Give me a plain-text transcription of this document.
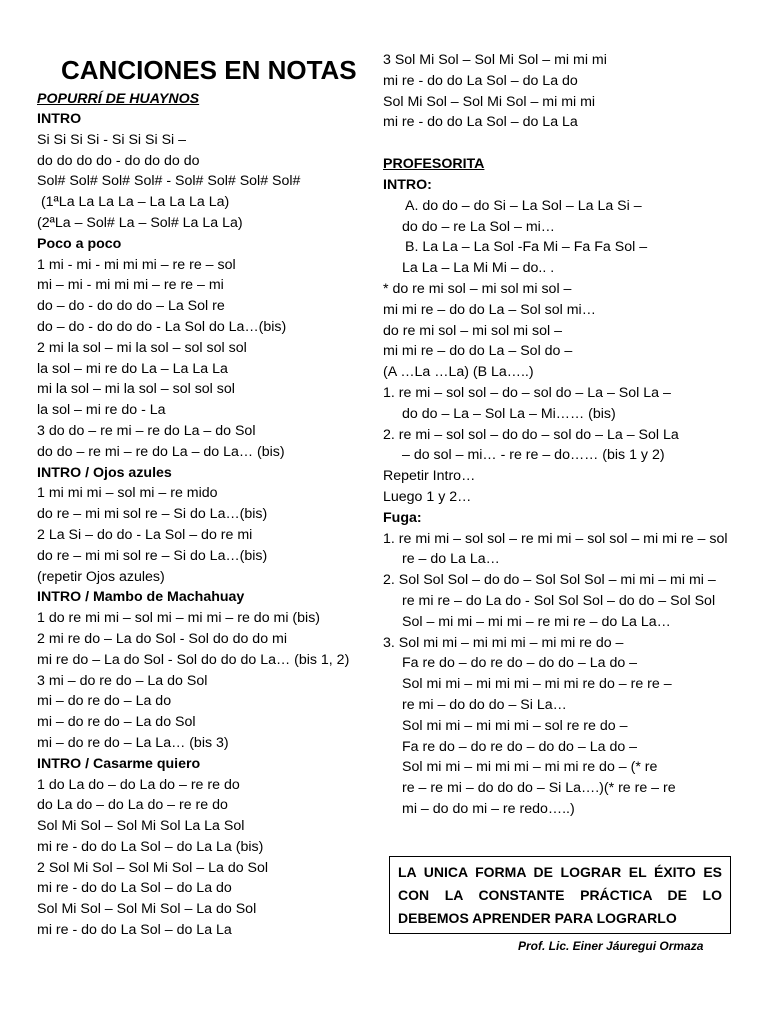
CANCIONES EN NOTAS
POPURRÍ DE HUAYNOS
INTRO
Si Si Si Si - Si Si Si Si –
do do do do - do do do do
Sol# Sol# Sol# Sol# - Sol# Sol# Sol# Sol#
(1ªLa La La La – La La La La)
(2ªLa – Sol# La – Sol# La La La)
Poco a poco
1 mi - mi - mi mi mi – re re – sol
mi – mi - mi mi mi – re re – mi
do – do - do do do – La Sol re
do – do - do do do - La Sol do La…(bis)
2 mi la sol – mi la sol – sol sol sol
la sol – mi re do La – La La La
mi la sol – mi la sol – sol sol sol
la sol – mi re do - La
3 do do – re mi – re do La – do Sol
do do – re mi – re do La – do La… (bis)
INTRO / Ojos azules
1 mi mi mi – sol mi – re mido
do re – mi mi sol re – Si do La…(bis)
2 La Si – do do - La Sol – do re mi
do re – mi mi sol re – Si do La…(bis)
(repetir Ojos azules)
INTRO / Mambo de Machahuay
1 do re mi mi – sol mi – mi mi – re do mi (bis)
2 mi re do – La do Sol - Sol do do do mi
mi re do – La do Sol - Sol do do do La… (bis 1, 2)
3 mi – do re do – La do Sol
mi – do re do – La do
mi – do re do – La do Sol
mi – do re do – La La… (bis 3)
INTRO / Casarme quiero
1 do La do – do La do – re re do
do La do – do La do – re re do
Sol Mi Sol – Sol Mi Sol La La Sol
mi re - do do La Sol – do La La (bis)
2 Sol Mi Sol – Sol Mi Sol – La do Sol
mi re - do do La Sol – do La do
Sol Mi Sol – Sol Mi Sol – La do Sol
mi re - do do La Sol – do La La
3 Sol Mi Sol – Sol Mi Sol – mi mi mi
mi re - do do La Sol – do La do
Sol Mi Sol – Sol Mi Sol – mi mi mi
mi re - do do La Sol – do La La
PROFESORITA
INTRO:
A. do do – do Si – La Sol – La La Si –
do do – re La Sol – mi…
B. La La – La Sol -Fa Mi – Fa Fa Sol –
La La – La Mi Mi – do.. .
* do re mi sol – mi sol mi sol –
mi mi re – do do La – Sol sol mi…
do re mi sol – mi sol mi sol –
mi mi re – do do La – Sol do –
(A …La …La) (B La…..)
1. re mi – sol sol – do – sol do – La – Sol La –
do do – La – Sol La – Mi…… (bis)
2. re mi – sol sol – do do – sol do – La – Sol La
– do sol – mi… - re re – do…… (bis 1 y 2)
Repetir Intro…
Luego 1 y 2…
Fuga:
1. re mi mi – sol sol – re mi mi – sol sol – mi mi re – sol re – do La La…
2. Sol Sol Sol – do do – Sol Sol Sol – mi mi – mi mi – re mi re – do La do - Sol Sol Sol – do do – Sol Sol Sol – mi mi – mi mi – re mi re – do La La…
3. Sol mi mi – mi mi mi – mi mi re do –
Fa re do – do re do – do do – La do –
Sol mi mi – mi mi mi – mi mi re do – re re –
re mi – do do do – Si La…
Sol mi mi – mi mi mi – sol re re do –
Fa re do – do re do – do do – La do –
Sol mi mi – mi mi mi – mi mi re do – (* re
re – re mi – do do do – Si La….)(* re re – re
mi – do do mi – re redo…..)
LA UNICA FORMA DE LOGRAR EL ÉXITO ES CON LA CONSTANTE PRÁCTICA DE LO DEBEMOS APRENDER PARA LOGRARLO
Prof. Lic. Einer Jáuregui Ormaza
